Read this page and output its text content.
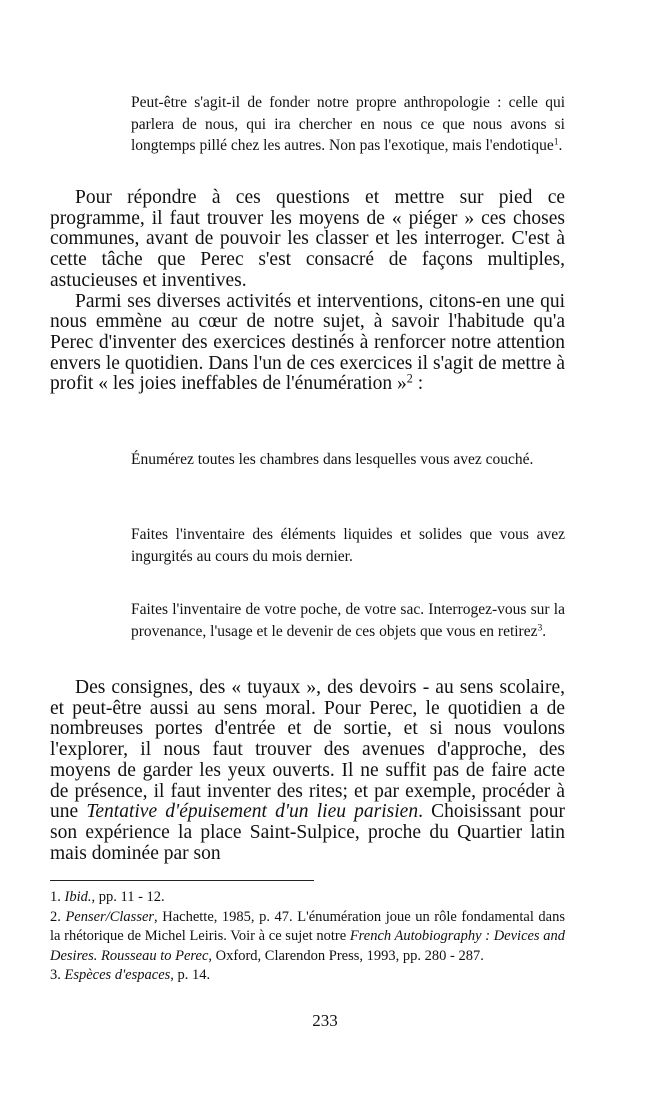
Peut-être s'agit-il de fonder notre propre anthropologie : celle qui parlera de nous, qui ira chercher en nous ce que nous avons si longtemps pillé chez les autres. Non pas l'exotique, mais l'endotique$^1$.

Pour répondre à ces questions et mettre sur pied ce programme, il faut trouver les moyens de « piéger » ces choses communes, avant de pouvoir les classer et les interroger. C'est à cette tâche que Perec s'est consacré de façons multiples, astucieuses et inventives.

Parmi ses diverses activités et interventions, citons-en une qui nous emmène au cœur de notre sujet, à savoir l'habitude qu'a Perec d'inventer des exercices destinés à renforcer notre attention envers le quotidien. Dans l'un de ces exercices il s'agit de mettre à profit « les joies ineffables de l'énumération »$^2$ :

Énumérez toutes les chambres dans lesquelles vous avez couché.
Faites l'inventaire des éléments liquides et solides que vous avez ingurgités au cours du mois dernier.
Faites l'inventaire de votre poche, de votre sac. Interrogez-vous sur la provenance, l'usage et le devenir de ces objets que vous en retirez$^3$.

Des consignes, des « tuyaux », des devoirs - au sens scolaire, et peut-être aussi au sens moral. Pour Perec, le quotidien a de nombreuses portes d'entrée et de sortie, et si nous voulons l'explorer, il nous faut trouver des avenues d'approche, des moyens de garder les yeux ouverts. Il ne suffit pas de faire acte de présence, il faut inventer des rites; et par exemple, procéder à une Tentative d'épuisement d'un lieu parisien. Choisissant pour son expérience la place Saint-Sulpice, proche du Quartier latin mais dominée par son

1. Ibid., pp. 11 - 12.
2. Penser/Classer, Hachette, 1985, p. 47. L'énumération joue un rôle fondamental dans la rhétorique de Michel Leiris. Voir à ce sujet notre French Autobiography : Devices and Desires. Rousseau to Perec, Oxford, Clarendon Press, 1993, pp. 280 - 287.
3. Espèces d'espaces, p. 14.
233
